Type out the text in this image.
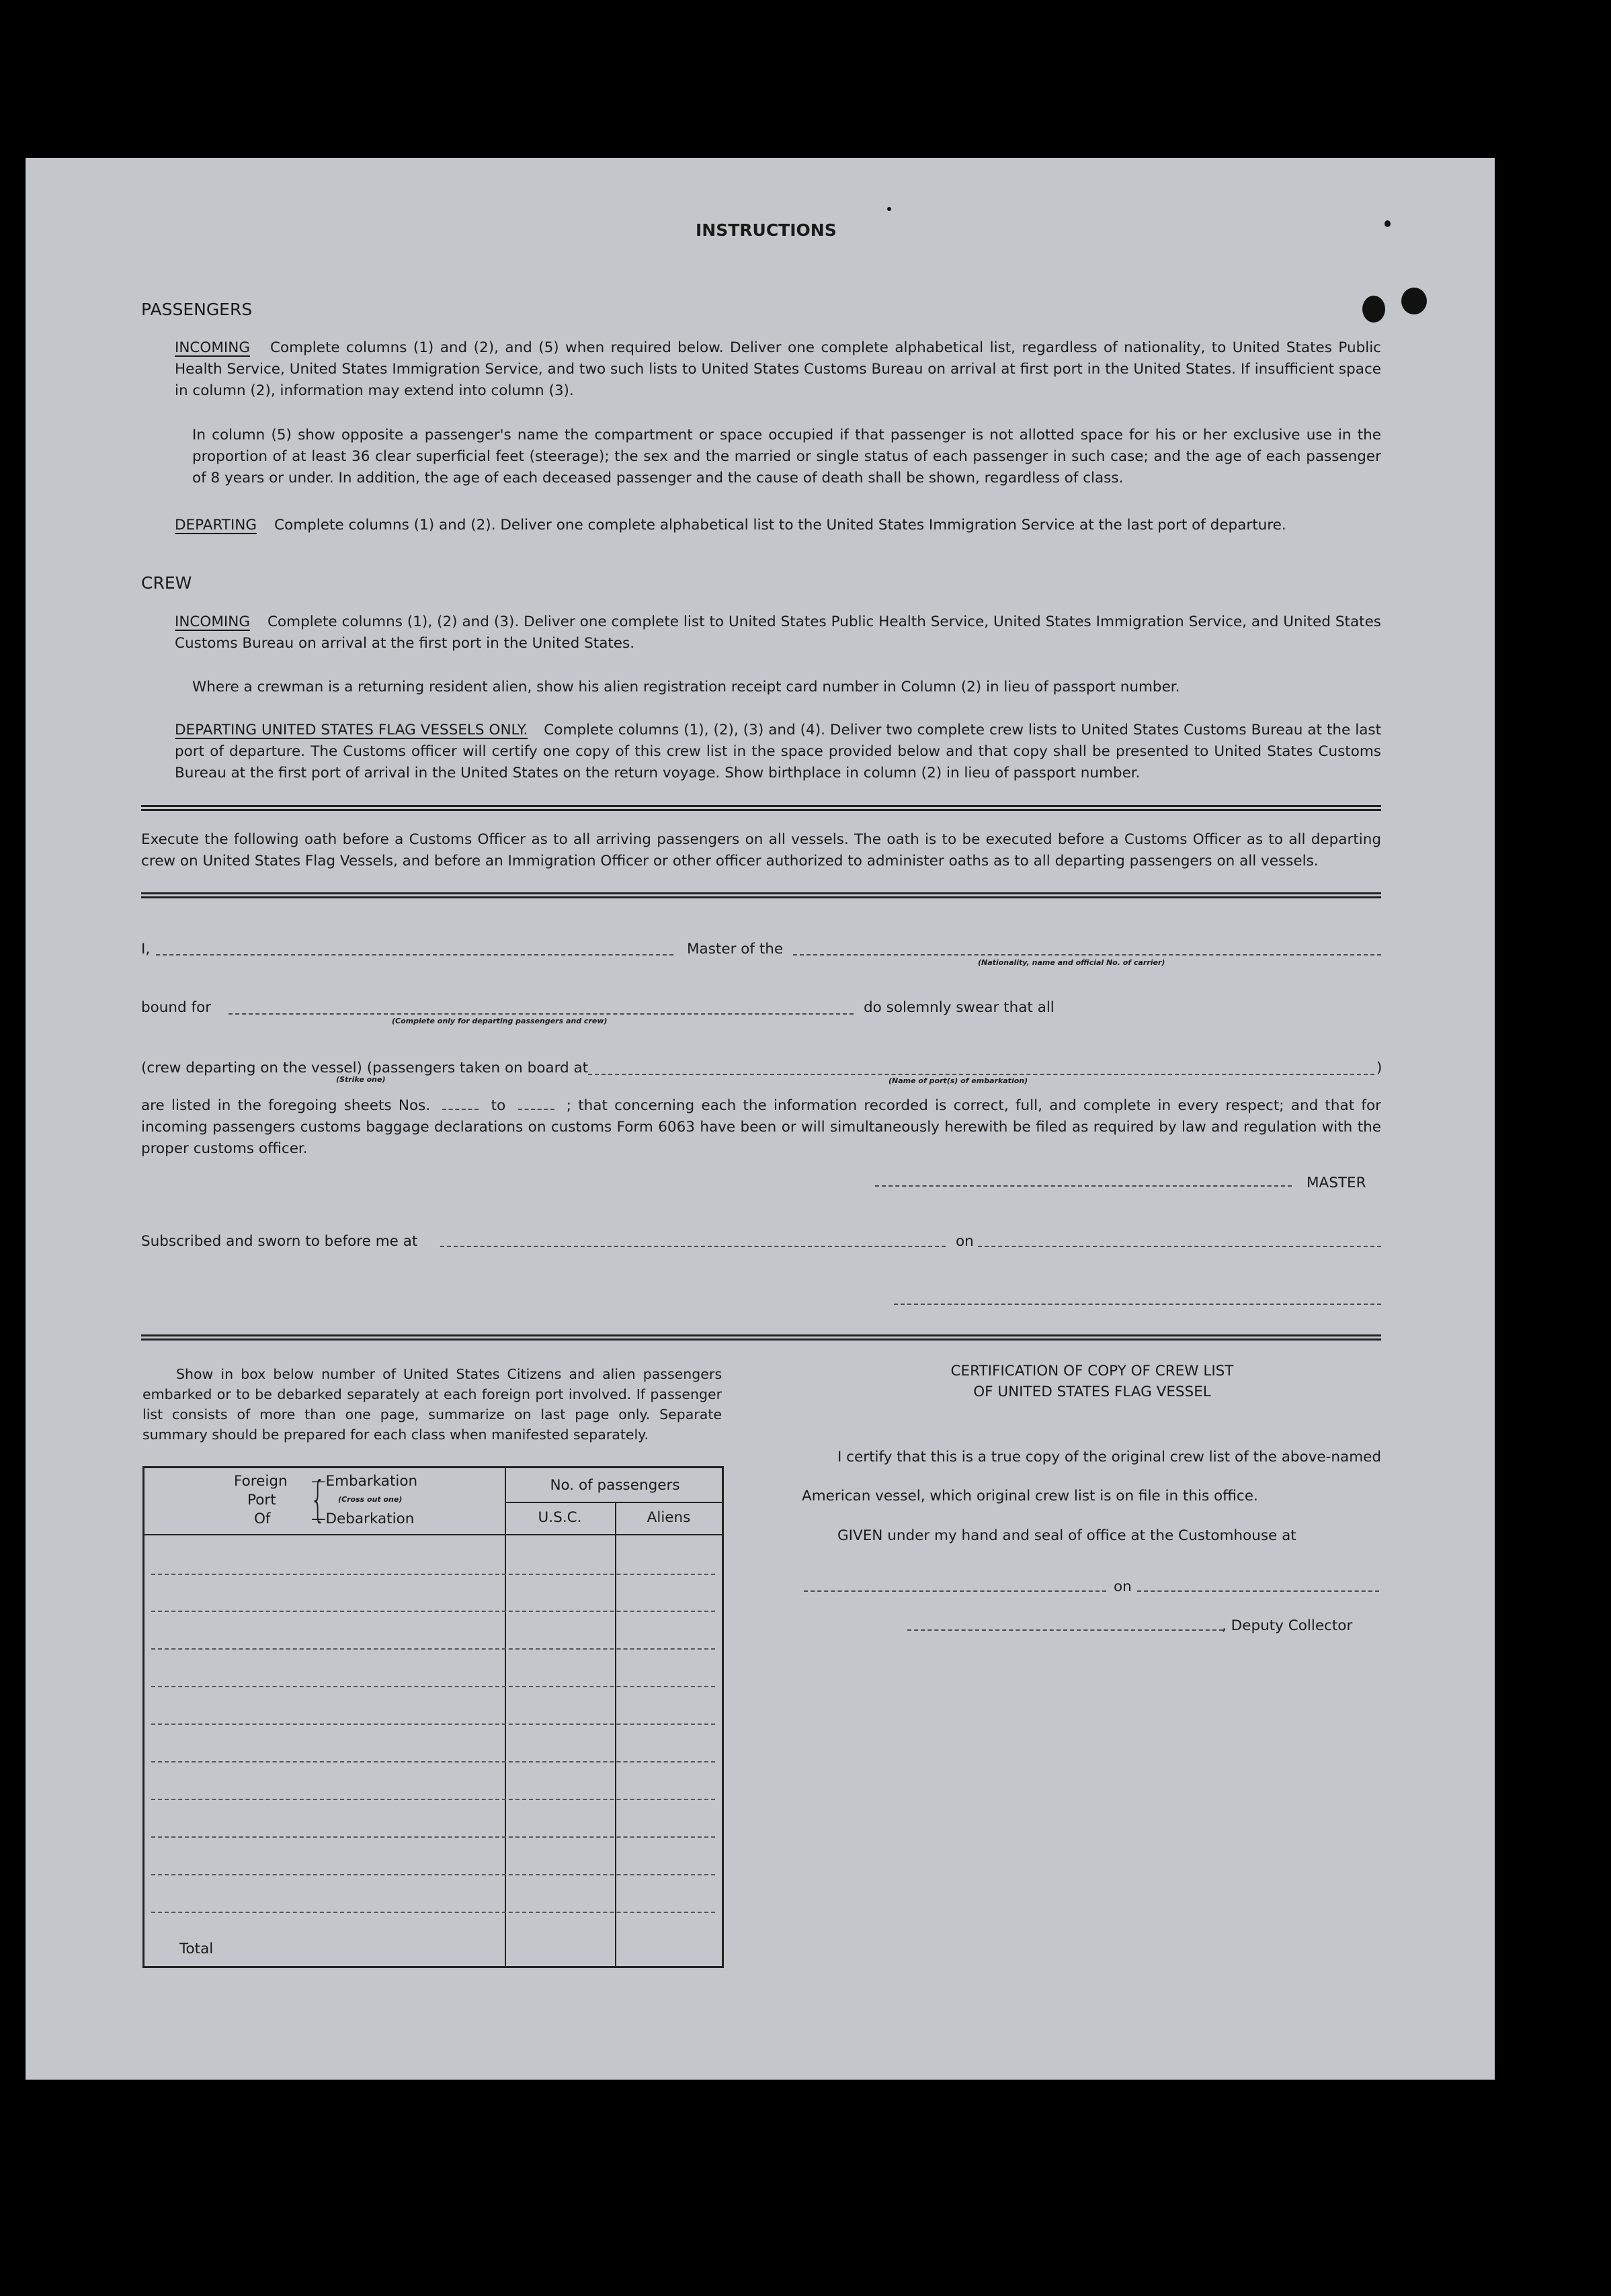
INSTRUCTIONS
PASSENGERS
INCOMING Complete columns (1) and (2), and (5) when required below. Deliver one complete alphabetical list, regardless of nationality, to United States Public Health Service, United States Immigration Service, and two such lists to United States Customs Bureau on arrival at first port in the United States. If insufficient space in column (2), information may extend into column (3).
In column (5) show opposite a passenger's name the compartment or space occupied if that passenger is not allotted space for his or her exclusive use in the proportion of at least 36 clear superficial feet (steerage); the sex and the married or single status of each passenger in such case; and the age of each passenger of 8 years or under. In addition, the age of each deceased passenger and the cause of death shall be shown, regardless of class.
DEPARTING Complete columns (1) and (2). Deliver one complete alphabetical list to the United States Immigration Service at the last port of departure.
CREW
INCOMING Complete columns (1), (2) and (3). Deliver one complete list to United States Public Health Service, United States Immigration Service, and United States Customs Bureau on arrival at the first port in the United States.
Where a crewman is a returning resident alien, show his alien registration receipt card number in Column (2) in lieu of passport number.
DEPARTING UNITED STATES FLAG VESSELS ONLY. Complete columns (1), (2), (3) and (4). Deliver two complete crew lists to United States Customs Bureau at the last port of departure. The Customs officer will certify one copy of this crew list in the space provided below and that copy shall be presented to United States Customs Bureau at the first port of arrival in the United States on the return voyage. Show birthplace in column (2) in lieu of passport number.
Execute the following oath before a Customs Officer as to all arriving passengers on all vessels. The oath is to be executed before a Customs Officer as to all departing crew on United States Flag Vessels, and before an Immigration Officer or other officer authorized to administer oaths as to all departing passengers on all vessels.
I,	Master of the
(Nationality, name and official No. of carrier)
bound for
(Complete only for departing passengers and crew)
do solemnly swear that all
(crew departing on the vessel) (passengers taken on board at	)
(Strike one)	(Name of port(s) of embarkation)
are listed in the foregoing sheets Nos.	to	; that concerning each the information recorded is correct, full, and complete in every respect; and that for incoming passengers customs baggage declarations on customs Form 6063 have been or will simultaneously herewith be filed as required by law and regulation with the proper customs officer.
MASTER
Subscribed and sworn to before me at	on
Show in box below number of United States Citizens and alien passengers embarked or to be debarked separately at each foreign port involved. If passenger list consists of more than one page, summarize on last page only. Separate summary should be prepared for each class when manifested separately.
Foreign
Port
Of {
—Embarkation
(Cross out one)
—Debarkation
No. of passengers
U.S.C.	Aliens
Total
CERTIFICATION OF COPY OF CREW LIST
OF UNITED STATES FLAG VESSEL
I certify that this is a true copy of the original crew list of the above-named
American vessel, which original crew list is on file in this office.
GIVEN under my hand and seal of office at the Customhouse at
on
, Deputy Collector
